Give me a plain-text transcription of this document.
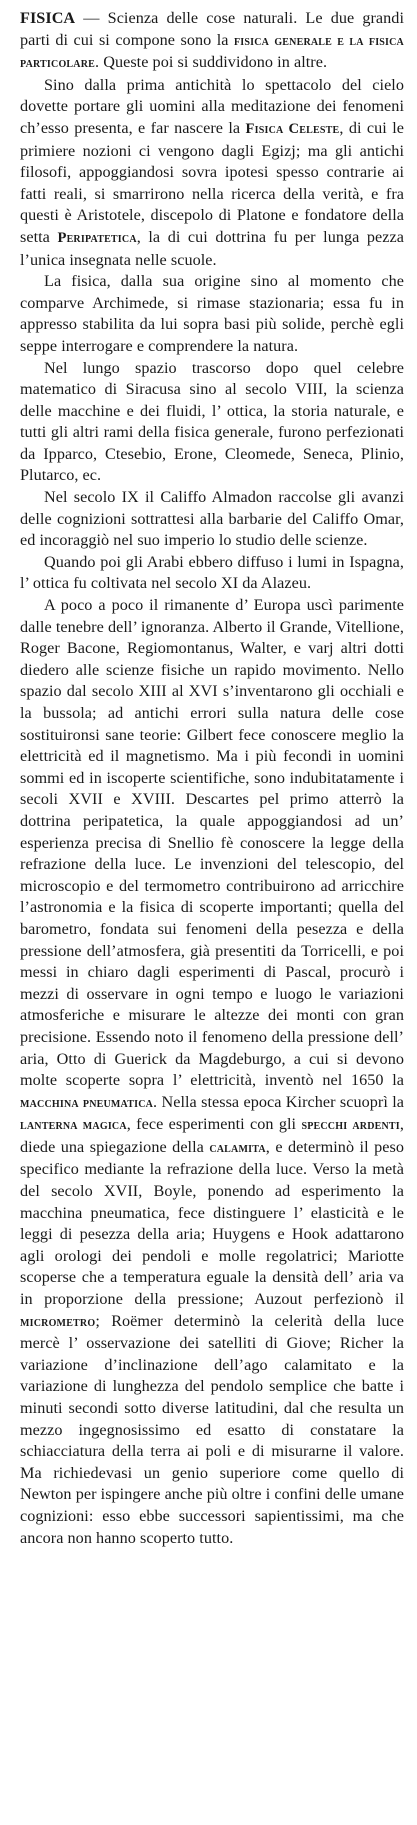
FISICA — Scienza delle cose naturali. Le due grandi parti di cui si compone sono la fisica generale e la fisica particolare. Queste poi si suddividono in altre.

Sino dalla prima antichità lo spettacolo del cielo dovette portare gli uomini alla meditazione dei fenomeni ch’esso presenta, e far nascere la Fisica Celeste, di cui le primiere nozioni ci vengono dagli Egizj; ma gli antichi filosofi, appoggiandosi sovra ipotesi spesso contrarie ai fatti reali, si smarrirono nella ricerca della verità, e fra questi è Aristotele, discepolo di Platone e fondatore della setta Peripatetica, la di cui dottrina fu per lunga pezza l’unica insegnata nelle scuole.

La fisica, dalla sua origine sino al momento che comparve Archimede, si rimase stazionaria; essa fu in appresso stabilita da lui sopra basi più solide, perchè egli seppe interrogare e comprendere la natura.

Nel lungo spazio trascorso dopo quel celebre matematico di Siracusa sino al secolo VIII, la scienza delle macchine e dei fluidi, l’ ottica, la storia naturale, e tutti gli altri rami della fisica generale, furono perfezionati da Ipparco, Ctesebio, Erone, Cleomede, Seneca, Plinio, Plutarco, ec.

Nel secolo IX il Califfo Almadon raccolse gli avanzi delle cognizioni sottrattesi alla barbarie del Califfo Omar, ed incoraggiò nel suo imperio lo studio delle scienze.

Quando poi gli Arabi ebbero diffuso i lumi in Ispagna, l’ ottica fu coltivata nel secolo XI da Alazeu.

A poco a poco il rimanente d’ Europa uscì parimente dalle tenebre dell’ ignoranza. Alberto il Grande, Vitellione, Roger Bacone, Regiomontanus, Walter, e varj altri dotti diedero alle scienze fisiche un rapido movimento. Nello spazio dal secolo XIII al XVI s’inventarono gli occhiali e la bussola; ad antichi errori sulla natura delle cose sostituironsi sane teorie: Gilbert fece conoscere meglio la elettricità ed il magnetismo. Ma i più fecondi in uomini sommi ed in iscoperte scientifiche, sono indubitatamente i secoli XVII e XVIII. Descartes pel primo atterrò la dottrina peripatetica, la quale appoggiandosi ad un’ esperienza precisa di Snellio fè conoscere la legge della refrazione della luce. Le invenzioni del telescopio, del microscopio e del termometro contribuirono ad arricchire l’astronomia e la fisica di scoperte importanti; quella del barometro, fondata sui fenomeni della pesezza e della pressione dell’atmosfera, già presentiti da Torricelli, e poi messi in chiaro dagli esperimenti di Pascal, procurò i mezzi di osservare in ogni tempo e luogo le variazioni atmosferiche e misurare le altezze dei monti con gran precisione. Essendo noto il fenomeno della pressione dell’ aria, Otto di Guerick da Magdeburgo, a cui si devono molte scoperte sopra l’ elettricità, inventò nel 1650 la macchina pneumatica. Nella stessa epoca Kircher scuoprì la lanterna magica, fece esperimenti con gli specchi ardenti, diede una spiegazione della calamita, e determinò il peso specifico mediante la refrazione della luce. Verso la metà del secolo XVII, Boyle, ponendo ad esperimento la macchina pneumatica, fece distinguere l’ elasticità e le leggi di pesezza della aria; Huygens e Hook adattarono agli orologi dei pendoli e molle regolatrici; Mariotte scoperse che a temperatura eguale la densità dell’ aria va in proporzione della pressione; Auzout perfezionò il micrometro; Roëmer determinò la celerità della luce mercè l’ osservazione dei satelliti di Giove; Richer la variazione d’inclinazione dell’ago calamitato e la variazione di lunghezza del pendolo semplice che batte i minuti secondi sotto diverse latitudini, dal che resulta un mezzo ingegnosissimo ed esatto di constatare la schiacciatura della terra ai poli e di misurarne il valore. Ma richiedevasi un genio superiore come quello di Newton per ispingere anche più oltre i confini delle umane cognizioni: esso ebbe successori sapientissimi, ma che ancora non hanno scoperto tutto.
